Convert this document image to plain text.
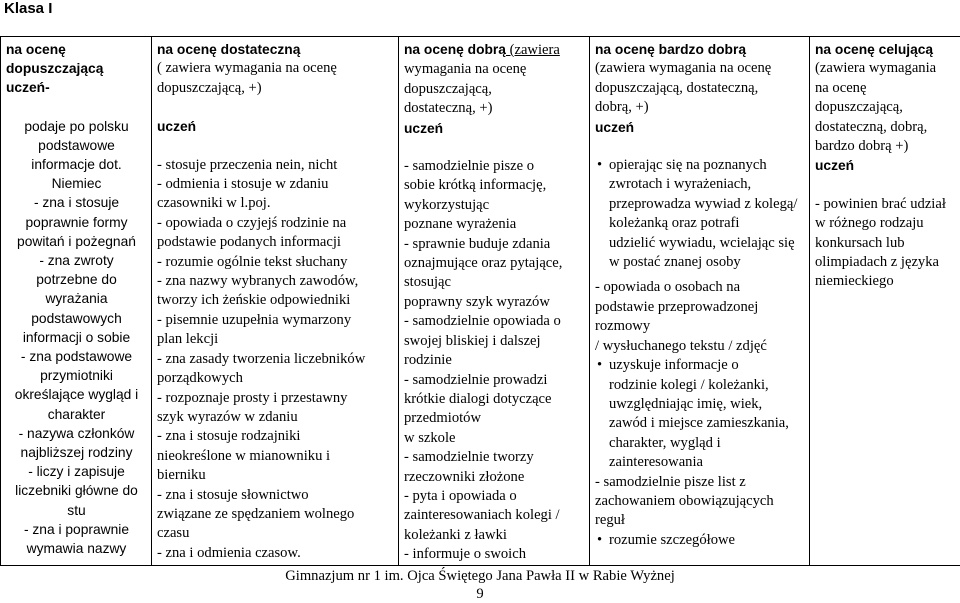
Klasa I
na ocenę
dopuszczającą
uczeń-
podaje po polsku
podstawowe
informacje dot.
Niemiec
- zna i stosuje
poprawnie formy
powitań i pożegnań
- zna zwroty
potrzebne do
wyrażania
podstawowych
informacji o sobie
- zna podstawowe
przymiotniki
określające wygląd i
charakter
- nazywa członków
najbliższej rodziny
- liczy i zapisuje
liczebniki główne do
stu
- zna i poprawnie
wymawia nazwy

na ocenę dostateczną
( zawiera wymagania na ocenę
dopuszczającą, +)
uczeń
- stosuje przeczenia nein, nicht
- odmienia i stosuje w zdaniu
czasowniki w l.poj.
- opowiada o czyjejś rodzinie na
podstawie podanych informacji
- rozumie ogólnie tekst słuchany
- zna nazwy wybranych zawodów,
tworzy ich żeńskie odpowiedniki
- pisemnie uzupełnia wymarzony
plan lekcji
- zna zasady tworzenia liczebników
porządkowych
- rozpoznaje prosty i przestawny
szyk wyrazów w zdaniu
- zna i stosuje rodzajniki
nieokreślone w mianowniku i
bierniku
- zna i stosuje słownictwo
związane ze spędzaniem wolnego
czasu
- zna i odmienia czasow.

na ocenę dobrą (zawiera
wymagania na ocenę
dopuszczającą,
dostateczną, +)
uczeń
- samodzielnie pisze o
sobie krótką informację,
wykorzystując
poznane wyrażenia
- sprawnie buduje zdania
oznajmujące oraz pytające,
stosując
poprawny szyk wyrazów
- samodzielnie opowiada o
swojej bliskiej i dalszej
rodzinie
- samodzielnie prowadzi
krótkie dialogi dotyczące
przedmiotów
w szkole
- samodzielnie tworzy
rzeczowniki złożone
- pyta i opowiada o
zainteresowaniach kolegi /
koleżanki z ławki
- informuje o swoich

na ocenę bardzo dobrą
(zawiera wymagania na ocenę
dopuszczającą, dostateczną,
dobrą, +)
uczeń
• opierając się na poznanych
zwrotach i wyrażeniach,
przeprowadza wywiad z kolegą/
koleżanką oraz potrafi
udzielić wywiadu, wcielając się
w postać znanej osoby
- opowiada o osobach na
podstawie przeprowadzonej
rozmowy
/ wysłuchanego tekstu / zdjęć
• uzyskuje informacje o
rodzinie kolegi / koleżanki,
uwzględniając imię, wiek,
zawód i miejsce zamieszkania,
charakter, wygląd i
zainteresowania
- samodzielnie pisze list z
zachowaniem obowiązujących
reguł
• rozumie szczegółowe

na ocenę celującą
(zawiera wymagania
na ocenę
dopuszczającą,
dostateczną, dobrą,
bardzo dobrą +)
uczeń
- powinien brać udział
w różnego rodzaju
konkursach lub
olimpiadach z języka
niemieckiego
Gimnazjum nr 1 im. Ojca Świętego Jana Pawła II w Rabie Wyżnej
9
